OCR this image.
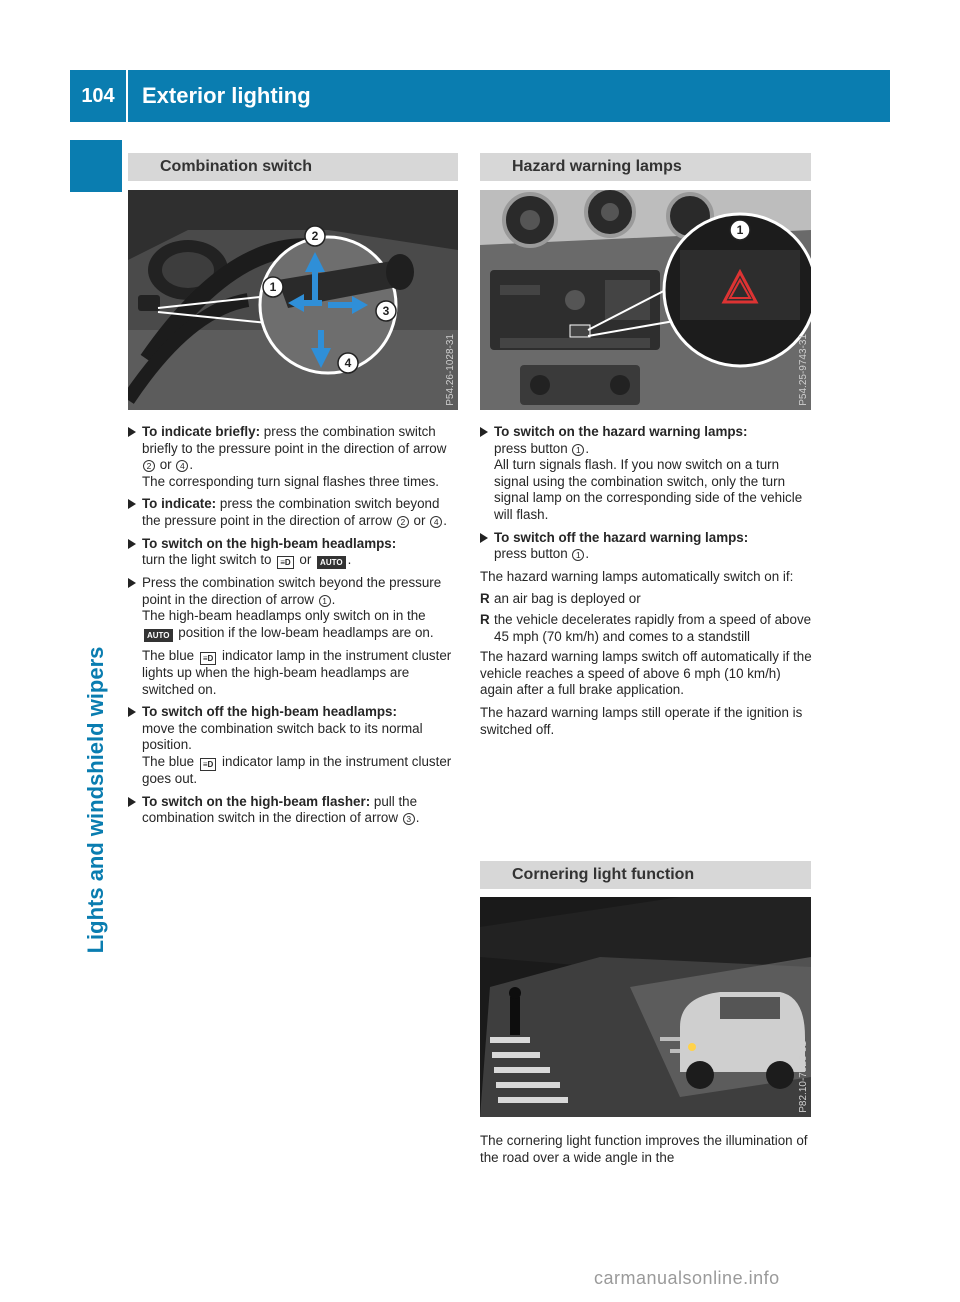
104	Exterior lighting
Lights and windshield wipers
Combination switch
2
1
3
4	P54.26-1028-31
To indicate briefly: press the combination switch briefly to the pressure point in the direction of arrow 2 or 4 .
The corresponding turn signal flashes three times.
To indicate: press the combination switch beyond the pressure point in the direction of arrow 2 or 4 .
To switch on the high-beam headlamps:
turn the light switch to ≡D or AUTO .
Press the combination switch beyond the pressure point in the direction of arrow 1 .
The high-beam headlamps only switch on in the AUTO position if the low-beam headlamps are on.
The blue ≡D indicator lamp in the instrument cluster lights up when the high-beam headlamps are switched on.
To switch off the high-beam headlamps:
move the combination switch back to its normal position.
The blue ≡D indicator lamp in the instrument cluster goes out.
To switch on the high-beam flasher: pull the combination switch in the direction of arrow 3 .
Hazard warning lamps
1
P54.25-9743-31
To switch on the hazard warning lamps:
press button 1 .
All turn signals flash. If you now switch on a turn signal using the combination switch, only the turn signal lamp on the corresponding side of the vehicle will flash.
To switch off the hazard warning lamps:
press button 1 .
The hazard warning lamps automatically switch on if:
R an air bag is deployed or
R the vehicle decelerates rapidly from a speed of above 45 mph (70 km/h) and comes to a standstill
The hazard warning lamps switch off automatically if the vehicle reaches a speed of above 6 mph (10 km/h) again after a full brake application.
The hazard warning lamps still operate if the ignition is switched off.
Cornering light function
P82.10-7525-31
The cornering light function improves the illumination of the road over a wide angle in the
carmanualsonline.info
